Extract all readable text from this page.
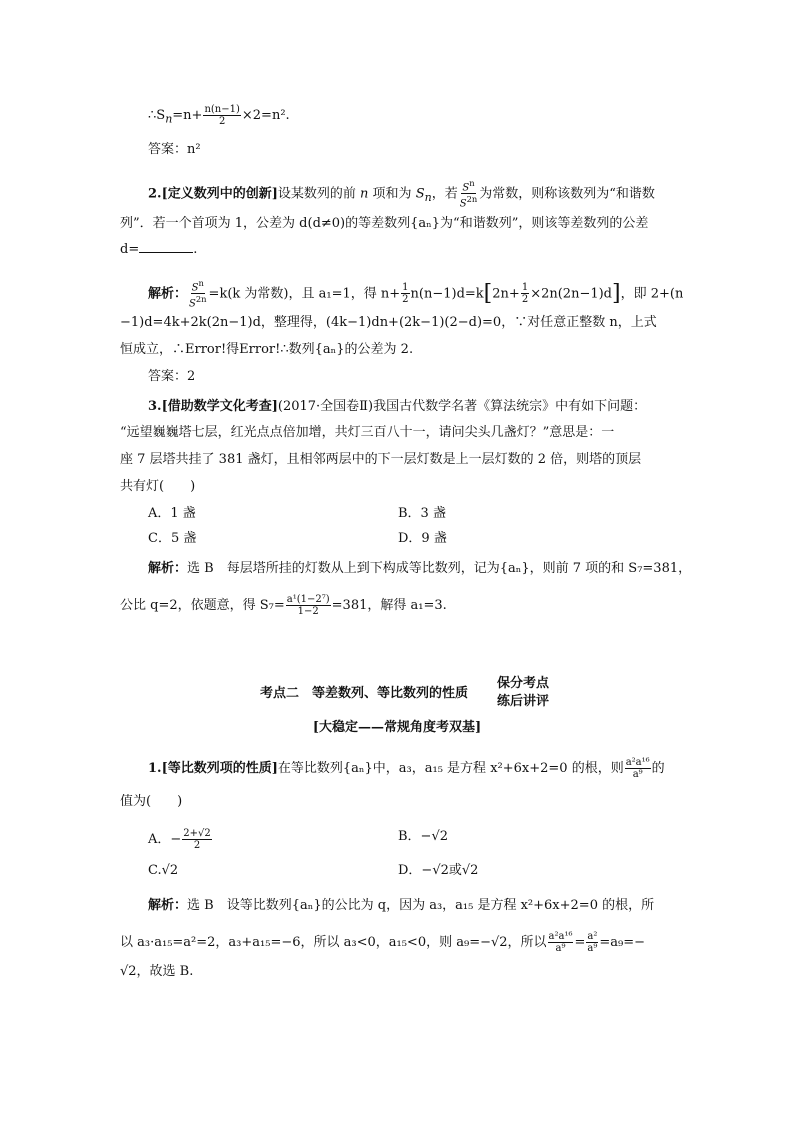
$\therefore S_n=n+ \frac{n(n-1)}{2} \times 2=n^2$.
答案：n²
2.[定义数列中的创新]设某数列的前 n 项和为 $S_n$，若 $\frac{S^n}{S^{2n}}$ 为常数，则称该数列为“和谐数
列”．若一个首项为 1，公差为 d(d≠0)的等差数列{aₙ}为“和谐数列”，则该等差数列的公差
d=	.
解析： $\frac{S^n}{S^{2n}} =k(k$ 为常数)，且 a₁=1，得 $n+ \frac{1}{2} n(n-1)d=k[2n+ \frac{1}{2} \times 2n(2n-1)d]$，即 2+(n
−1)d=4k+2k(2n−1)d，整理得，(4k−1)dn+(2k−1)(2−d)=0，∵对任意正整数 n，上式
恒成立，∴Error!得Error!∴数列{aₙ}的公差为 2.
答案：2
3.[借助数学文化考查](2017·全国卷Ⅱ)我国古代数学名著《算法统宗》中有如下问题：
“远望巍巍塔七层，红光点点倍加增，共灯三百八十一，请问尖头几盏灯？”意思是：一
座 7 层塔共挂了 381 盏灯，且相邻两层中的下一层灯数是上一层灯数的 2 倍，则塔的顶层
共有灯(　　)
A．1 盏	B．3 盏
C．5 盏	D．9 盏
解析：选 B　每层塔所挂的灯数从上到下构成等比数列，记为{aₙ}，则前 7 项的和 S₇=381，
公比 q=2，依题意，得 $S_7= \frac{\text{a¹(1−2⁷)}}{1-2} =381$，解得 a₁=3.
考点二　等差数列、等比数列的性质
保分考点
练后讲评
[大稳定——常规角度考双基]
1.[等比数列项的性质]在等比数列{aₙ}中，a₃，a₁₅ 是方程 x²+6x+2=0 的根，则 $\frac{\text{a²a¹⁶}}{\text{a⁹}}$ 的
值为(　　)
A．− $\frac{2+√2}{2}$	B．−√2
C.√2	D．−√2或√2
解析：选 B　设等比数列{aₙ}的公比为 q，因为 a₃，a₁₅ 是方程 x²+6x+2=0 的根，所
以 a₃·a₁₅=a²=2，a₃+a₁₅=−6，所以 a₃<0，a₁₅<0，则 a₉=−√2，所以 $\frac{\text{a²a¹⁶}}{\text{a⁹}} = \frac{\text{a²}}{\text{a⁹}} =a_9=-$
√2，故选 B.
